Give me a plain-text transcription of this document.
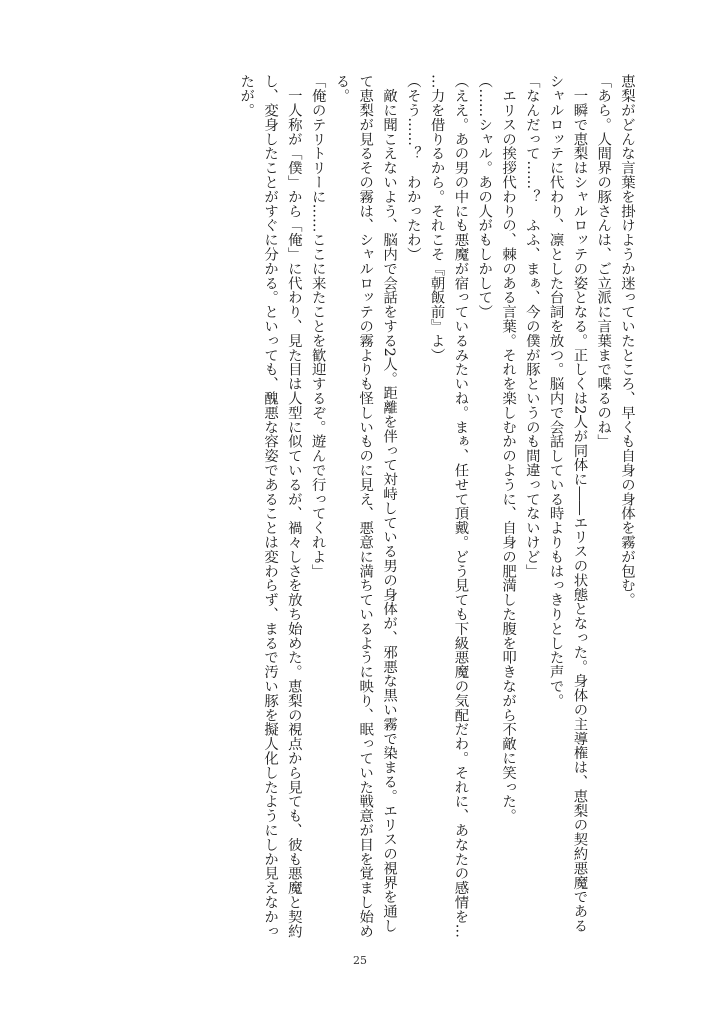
恵梨がどんな言葉を掛けようか迷っていたところ、早くも自身の身体を霧が包む。
「あら。人間界の豚さんは、ご立派に言葉まで喋るのね」
　一瞬で恵梨はシャルロッテの姿となる。正しくは2人が同体に――エリスの状態となった。身体の主導権は、恵梨の契約悪魔であるシャルロッテに代わり、凛とした台詞を放つ。脳内で会話している時よりもはっきりとした声で。
「なんだって……？　ふふ、まぁ、今の僕が豚というのも間違ってないけど」
　エリスの挨拶代わりの、棘のある言葉。それを楽しむかのように、自身の肥満した腹を叩きながら不敵に笑った。
（……シャル。あの人がもしかして）
（ええ。あの男の中にも悪魔が宿っているみたいね。まぁ、任せて頂戴。どう見ても下級悪魔の気配だわ。それに、あなたの感情を……力を借りるから。それこそ『朝飯前』よ）
（そう……？　わかったわ）
　敵に聞こえないよう、脳内で会話をする2人。距離を伴って対峙している男の身体が、邪悪な黒い霧で染まる。エリスの視界を通して恵梨が見るその霧は、シャルロッテの霧よりも怪しいものに見え、悪意に満ちているように映り、眠っていた戦意が目を覚まし始める。
「俺のテリトリーに……ここに来たことを歓迎するぞ。遊んで行ってくれよ」
　一人称が「僕」から「俺」に代わり、見た目は人型に似ているが、禍々しさを放ち始めた。恵梨の視点から見ても、彼も悪魔と契約し、変身したことがすぐに分かる。といっても、醜悪な容姿であることは変わらず、まるで汚い豚を擬人化したようにしか見えなかったが。
25
